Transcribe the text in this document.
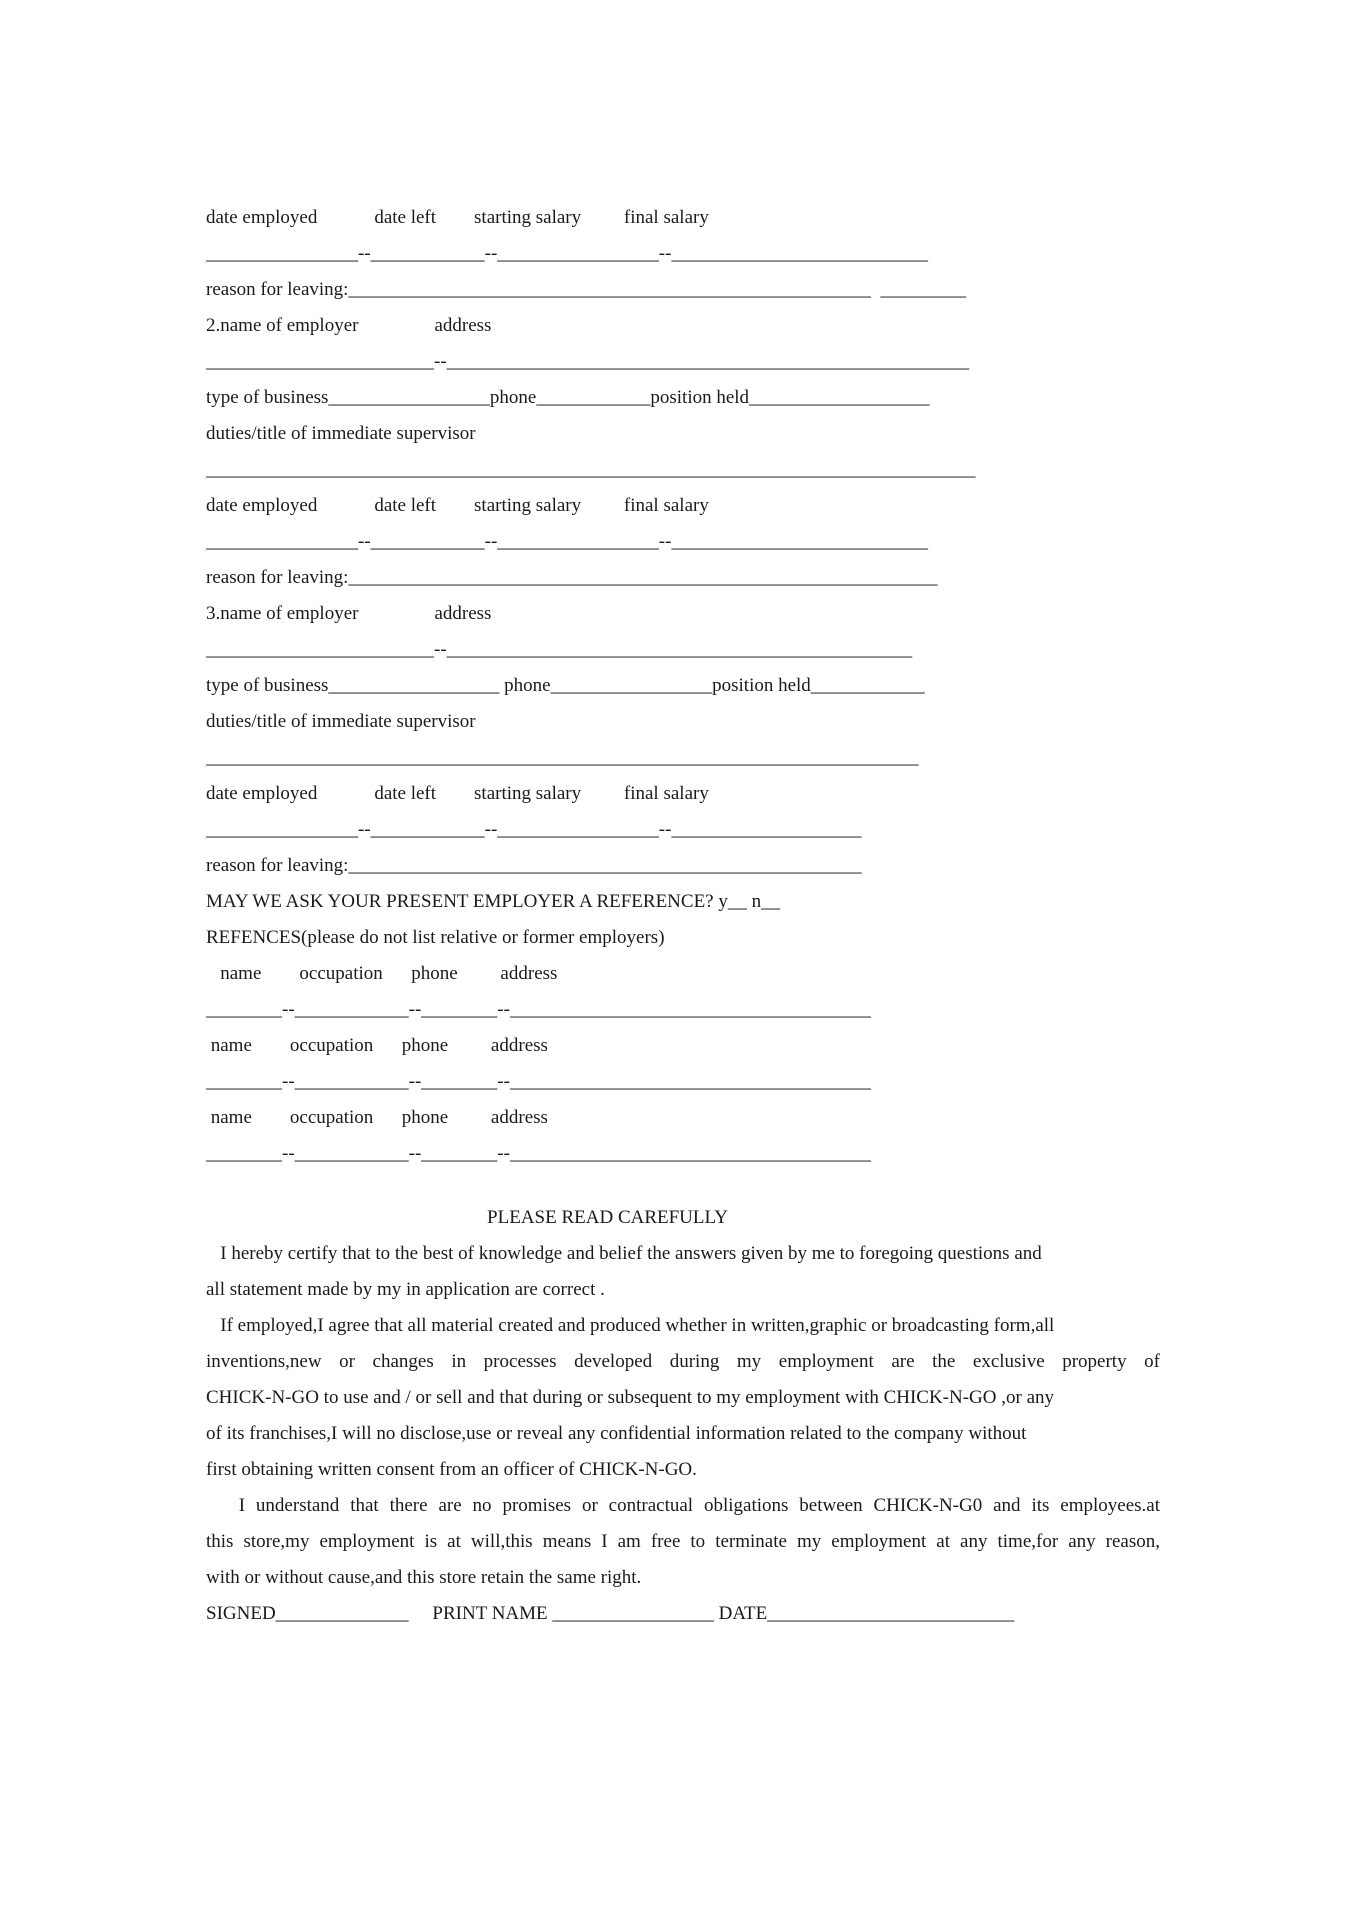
date employed            date left        starting salary         final salary
________________--____________--_________________--___________________________
reason for leaving:_______________________________________________________  _________
2.name of employer                address
________________________--_______________________________________________________
type of business_________________phone____________position held___________________
duties/title of immediate supervisor
_________________________________________________________________________________
date employed            date left        starting salary         final salary
________________--____________--_________________--___________________________
reason for leaving:______________________________________________________________
3.name of employer                address
________________________--_________________________________________________
type of business__________________ phone_________________position held____________
duties/title of immediate supervisor
___________________________________________________________________________
date employed            date left        starting salary         final salary
________________--____________--_________________--____________________
reason for leaving:______________________________________________________
MAY WE ASK YOUR PRESENT EMPLOYER A REFERENCE? y__ n__
REFENCES(please do not list relative or former employers)
name        occupation      phone         address
________--____________--________--______________________________________
name        occupation      phone         address
________--____________--________--______________________________________
name        occupation      phone         address
________--____________--________--______________________________________
PLEASE READ CAREFULLY
I hereby certify that to the best of knowledge and belief the answers given by me to foregoing questions and
all statement made by my in application are correct .
If employed,I agree that all material created and produced whether in written,graphic or broadcasting form,all
inventions,new or changes in processes developed during my employment are the exclusive property of
CHICK-N-GO to use and / or sell and that during or subsequent to my employment with CHICK-N-GO ,or any
of its franchises,I will no disclose,use or reveal any confidential information related to the company without
first obtaining written consent from an officer of CHICK-N-GO.
I understand that there are no promises or contractual obligations between CHICK-N-G0 and its employees.at
this store,my employment is at will,this means I am free to terminate my employment at any time,for any reason,
with or without cause,and this store retain the same right.
SIGNED______________     PRINT NAME _________________ DATE__________________________
